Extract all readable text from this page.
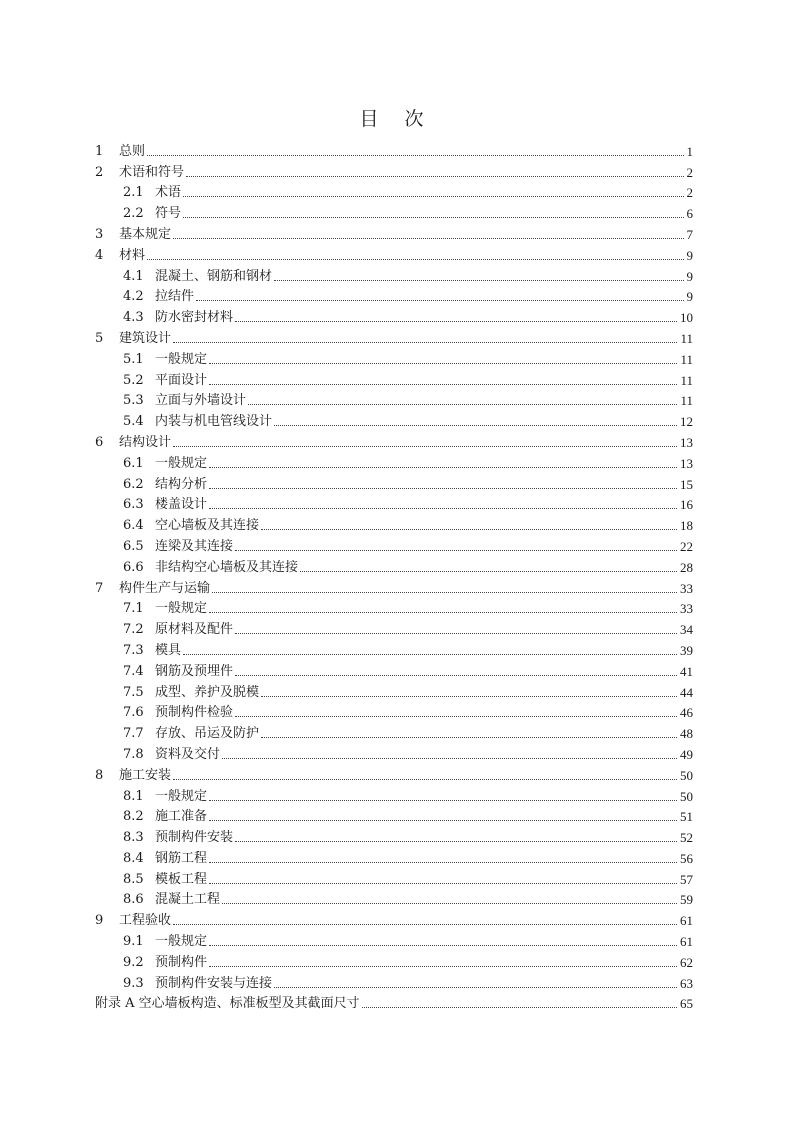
目 次
1	总则	1
2	术语和符号	2
2.1 术语	2
2.2 符号	6
3	基本规定	7
4	材料	9
4.1 混凝土、钢筋和钢材	9
4.2 拉结件	9
4.3 防水密封材料	10
5	建筑设计	11
5.1 一般规定	11
5.2 平面设计	11
5.3 立面与外墙设计	11
5.4 内装与机电管线设计	12
6	结构设计	13
6.1 一般规定	13
6.2 结构分析	15
6.3 楼盖设计	16
6.4 空心墙板及其连接	18
6.5 连梁及其连接	22
6.6 非结构空心墙板及其连接	28
7	构件生产与运输	33
7.1 一般规定	33
7.2 原材料及配件	34
7.3 模具	39
7.4 钢筋及预埋件	41
7.5 成型、养护及脱模	44
7.6 预制构件检验	46
7.7 存放、吊运及防护	48
7.8 资料及交付	49
8	施工安装	50
8.1 一般规定	50
8.2 施工准备	51
8.3 预制构件安装	52
8.4 钢筋工程	56
8.5 模板工程	57
8.6 混凝土工程	59
9	工程验收	61
9.1 一般规定	61
9.2 预制构件	62
9.3 预制构件安装与连接	63
附录 A 空心墙板构造、标准板型及其截面尺寸	65
